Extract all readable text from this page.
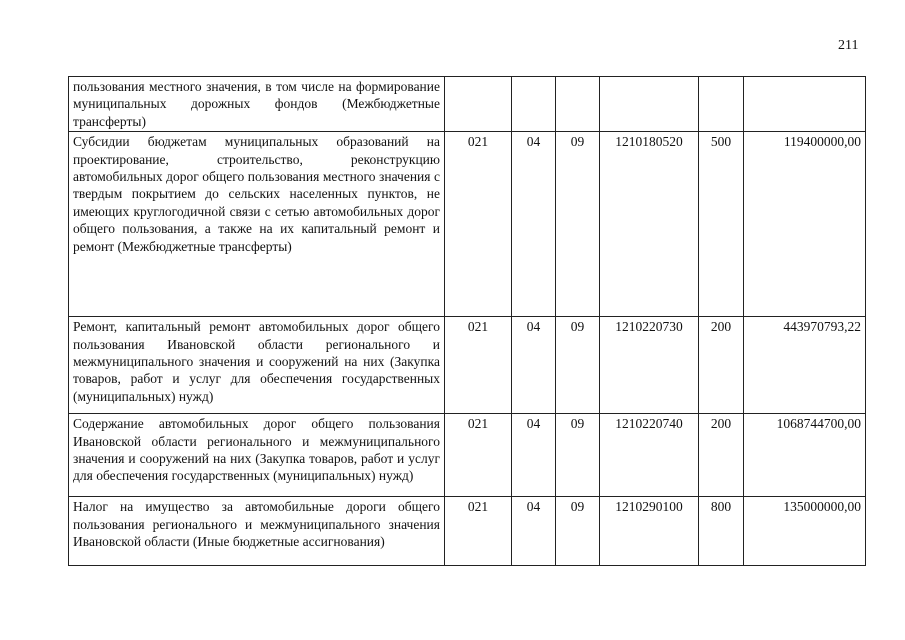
211
пользования местного значения, в том числе на формирование муниципальных дорожных фондов (Межбюджетные трансферты)						
Субсидии бюджетам муниципальных образований на проектирование, строительство, реконструкцию автомобильных дорог общего пользования местного значения с твердым покрытием до сельских населенных пунктов, не имеющих круглогодичной связи с сетью автомобильных дорог общего пользования, а также на их капитальный ремонт и ремонт (Межбюджетные трансферты)	021	04	09	1210180520	500	119400000,00
Ремонт, капитальный ремонт автомобильных дорог общего пользования Ивановской области регионального и межмуниципального значения и сооружений на них (Закупка товаров, работ и услуг для обеспечения государственных (муниципальных) нужд)	021	04	09	1210220730	200	443970793,22
Содержание автомобильных дорог общего пользования Ивановской области регионального и межмуниципального значения и сооружений на них (Закупка товаров, работ и услуг для обеспечения государственных (муниципальных) нужд)	021	04	09	1210220740	200	1068744700,00
Налог на имущество за автомобильные дороги общего пользования регионального и межмуниципального значения Ивановской области (Иные бюджетные ассигнования)	021	04	09	1210290100	800	135000000,00
